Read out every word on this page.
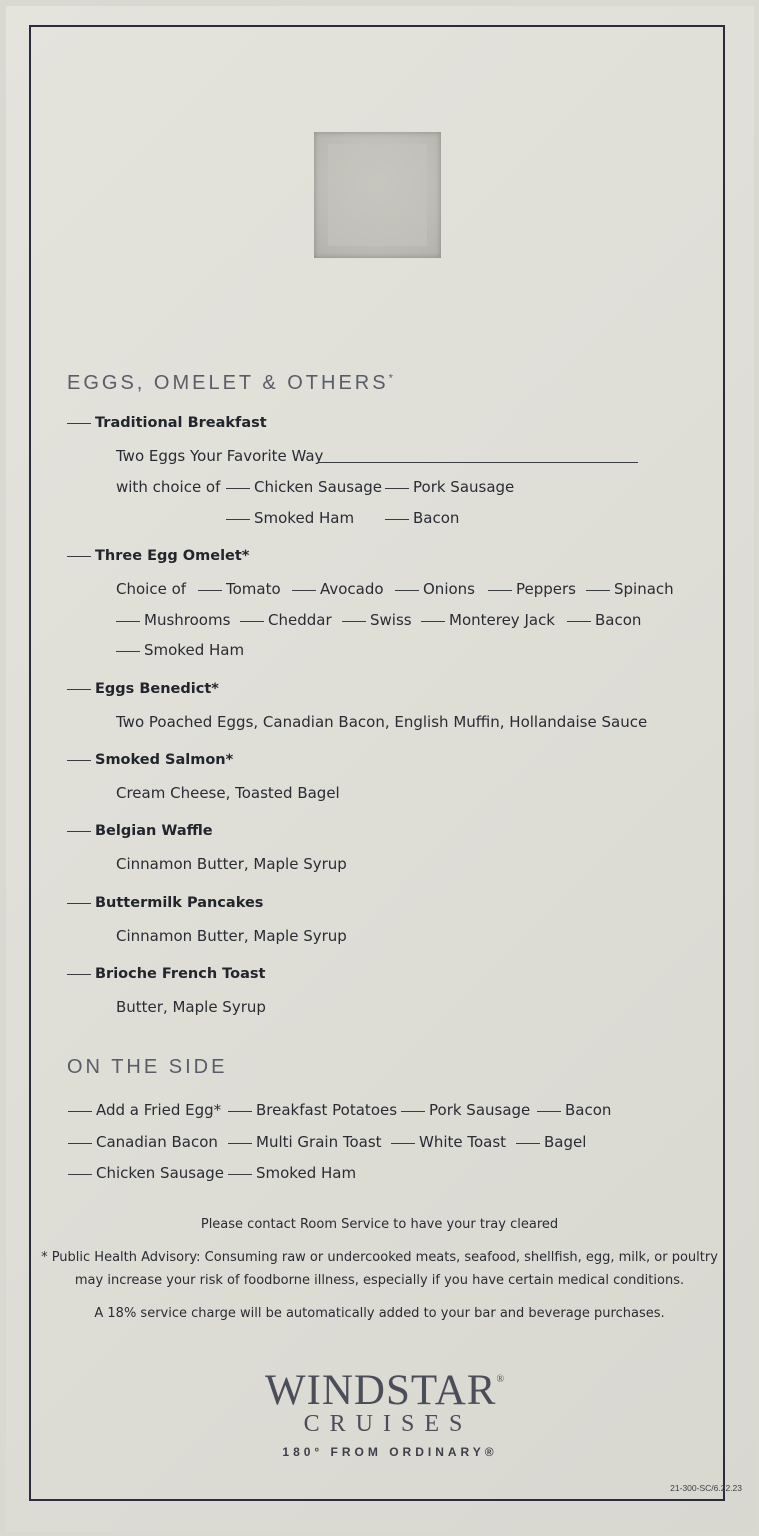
EGGS, OMELET & OTHERS*
Traditional Breakfast
Two Eggs Your Favorite Way
with choice of	Chicken Sausage	Pork Sausage
Smoked Ham	Bacon
Three Egg Omelet*
Choice of	Tomato	Avocado	Onions	Peppers	Spinach
Mushrooms	Cheddar	Swiss	Monterey Jack	Bacon
Smoked Ham
Eggs Benedict*
Two Poached Eggs, Canadian Bacon, English Muffin, Hollandaise Sauce
Smoked Salmon*
Cream Cheese, Toasted Bagel
Belgian Waffle
Cinnamon Butter, Maple Syrup
Buttermilk Pancakes
Cinnamon Butter, Maple Syrup
Brioche French Toast
Butter, Maple Syrup
ON THE SIDE
Add a Fried Egg*	Breakfast Potatoes	Pork Sausage	Bacon
Canadian Bacon	Multi Grain Toast	White Toast	Bagel
Chicken Sausage	Smoked Ham
Please contact Room Service to have your tray cleared
* Public Health Advisory: Consuming raw or undercooked meats, seafood, shellfish, egg, milk, or poultry
may increase your risk of foodborne illness, especially if you have certain medical conditions.
A 18% service charge will be automatically added to your bar and beverage purchases.
WINDSTAR®
CRUISES
180° FROM ORDINARY®
21-300-SC/6.22.23
